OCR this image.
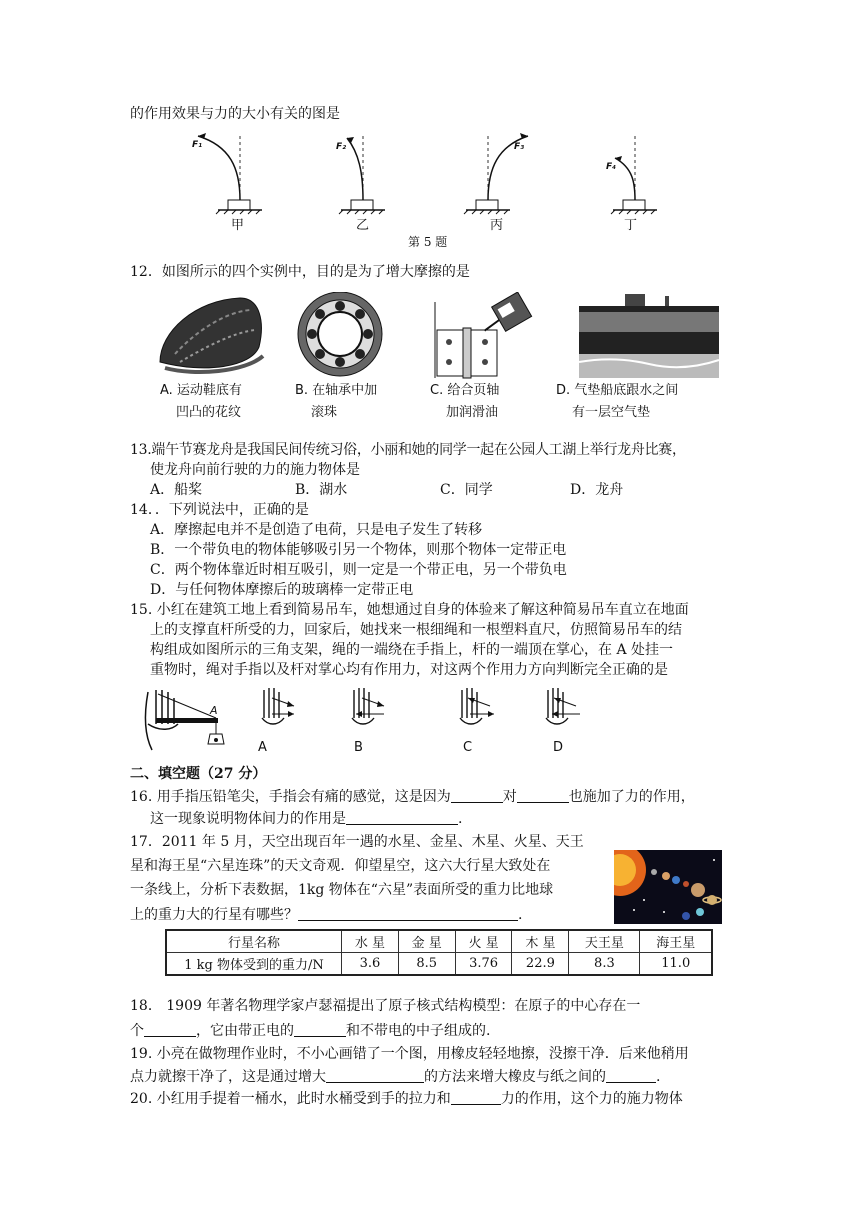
的作用效果与力的大小有关的图是
F₁	F₂	F₃
F₄
甲	乙	丙	丁
第 5 题
12．如图所示的四个实例中，目的是为了增大摩擦的是
A. 运动鞋底有
凹凸的花纹
B. 在轴承中加
滚珠
C. 给合页轴
加润滑油
D. 气垫船底跟水之间
有一层空气垫
13.端午节赛龙舟是我国民间传统习俗，小丽和她的同学一起在公园人工湖上举行龙舟比赛，
使龙舟向前行驶的力的施力物体是
A．船桨	B．湖水	C．同学	D．龙舟
14．．下列说法中，正确的是
A．摩擦起电并不是创造了电荷，只是电子发生了转移
B．一个带负电的物体能够吸引另一个物体，则那个物体一定带正电
C．两个物体靠近时相互吸引，则一定是一个带正电，另一个带负电
D．与任何物体摩擦后的玻璃棒一定带正电
15. 小红在建筑工地上看到简易吊车，她想通过自身的体验来了解这种简易吊车直立在地面
上的支撑直杆所受的力，回家后，她找来一根细绳和一根塑料直尺，仿照简易吊车的结
构组成如图所示的三角支架，绳的一端绕在手指上，杆的一端顶在掌心，在 A 处挂一
重物时，绳对手指以及杆对掌心均有作用力，对这两个作用力方向判断完全正确的是
A
A	B	C	D
二、填空题（27 分）
16. 用手指压铅笔尖，手指会有痛的感觉，这是因为	对	也施加了力的作用，
这一现象说明物体间力的作用是	.
17．2011 年 5 月，天空出现百年一遇的水星、金星、木星、火星、天王
星和海王星“六星连珠”的天文奇观．仰望星空，这六大行星大致处在
一条线上，分析下表数据，1kg 物体在“六星”表面所受的重力比地球
上的重力大的行星有哪些？	.
行星名称	水 星	金 星	火 星	木 星	天王星	海王星
1 kg 物体受到的重力/N	3.6	8.5	3.76	22.9	8.3	11.0
18． 1909 年著名物理学家卢瑟福提出了原子核式结构模型：在原子的中心存在一
个	，它由带正电的	和不带电的中子组成的.
19. 小亮在做物理作业时，不小心画错了一个图，用橡皮轻轻地擦，没擦干净．后来他稍用
点力就擦干净了，这是通过增大	的方法来增大橡皮与纸之间的	.
20. 小红用手提着一桶水，此时水桶受到手的拉力和	力的作用，这个力的施力物体
